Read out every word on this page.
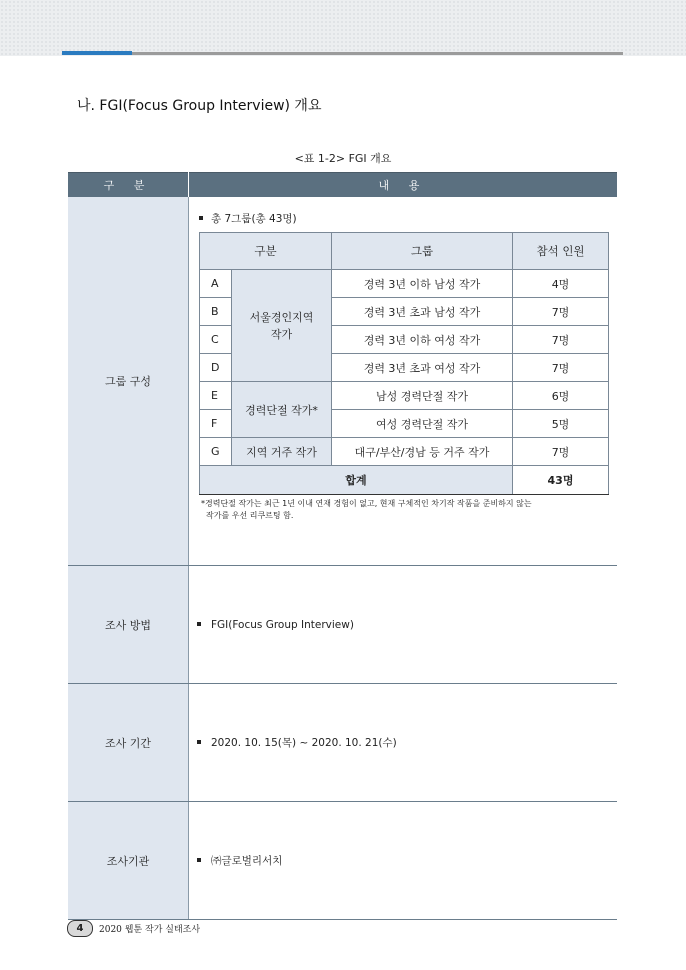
나. FGI(Focus Group Interview) 개요
<표 1-2> FGI 개요
구 분	내 용
그룹 구성	
총 7그룹(총 43명)
구분	그룹	참석 인원
A	서울경인지역 작가	경력 3년 이하 남성 작가	4명
B	경력 3년 초과 남성 작가	7명
C	경력 3년 이하 여성 작가	7명
D	경력 3년 초과 여성 작가	7명
E	경력단절 작가*	남성 경력단절 작가	6명
F	여성 경력단절 작가	5명
G	지역 거주 작가	대구/부산/경남 등 거주 작가	7명
합계	43명
*경력단절 작가는 최근 1년 이내 연재 경험이 없고, 현재 구체적인 차기작 작품을 준비하지 않는
작가를 우선 리쿠르팅 함.

조사 방법	FGI(Focus Group Interview)
조사 기간	2020. 10. 15(목) ~ 2020. 10. 21(수)
조사기관	㈜글로벌리서치
4	2020 웹툰 작가 실태조사
